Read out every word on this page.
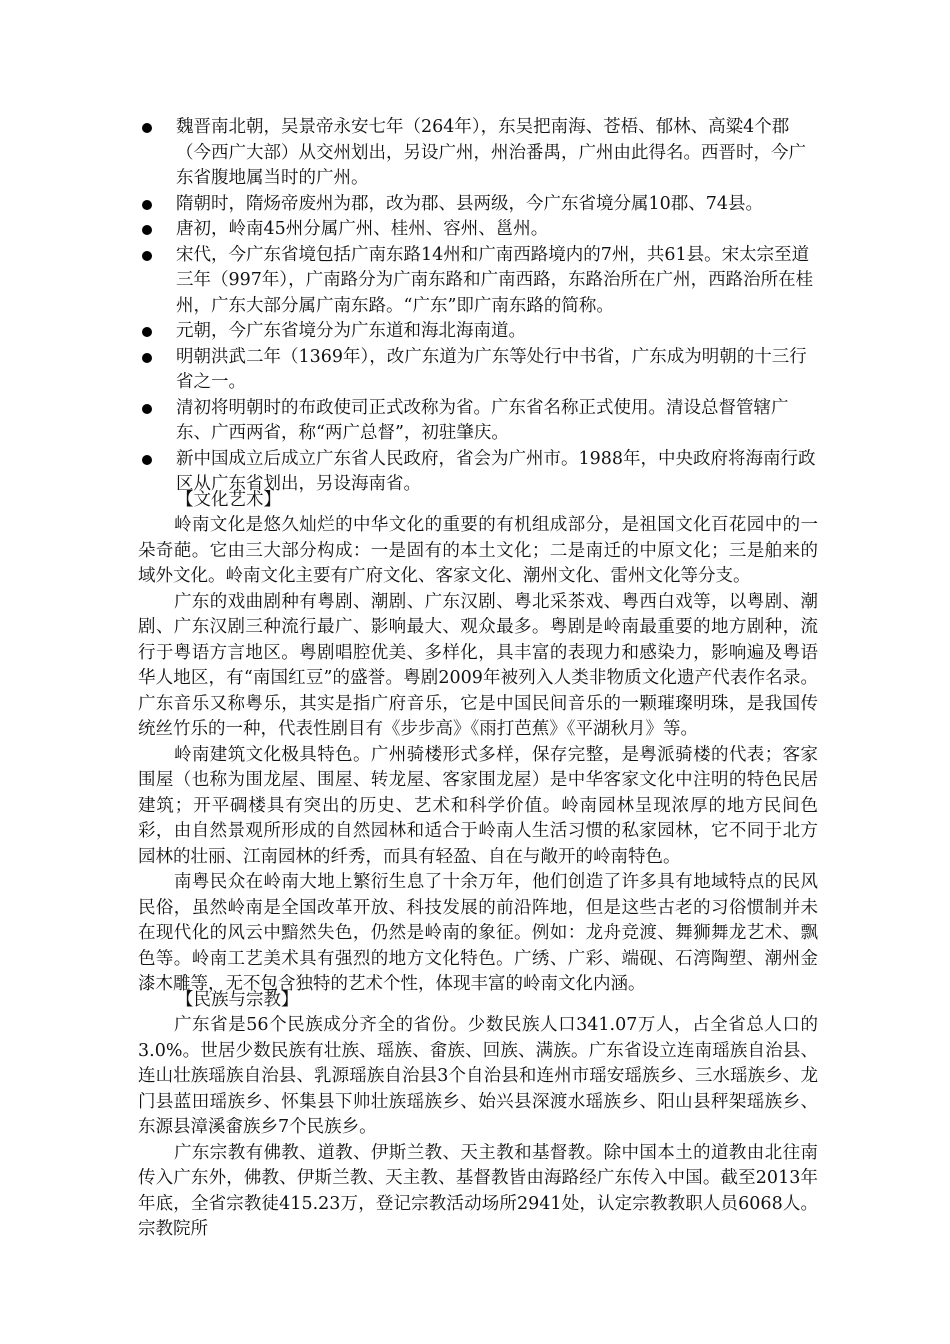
魏晋南北朝，吴景帝永安七年（264年），东吴把南海、苍梧、郁林、高粱4个郡（今西广大部）从交州划出，另设广州，州治番禺，广州由此得名。西晋时，今广东省腹地属当时的广州。
隋朝时，隋炀帝废州为郡，改为郡、县两级，今广东省境分属10郡、74县。
唐初，岭南45州分属广州、桂州、容州、邕州。
宋代，今广东省境包括广南东路14州和广南西路境内的7州，共61县。宋太宗至道三年（997年），广南路分为广南东路和广南西路，东路治所在广州，西路治所在桂州，广东大部分属广南东路。“广东”即广南东路的简称。
元朝，今广东省境分为广东道和海北海南道。
明朝洪武二年（1369年），改广东道为广东等处行中书省，广东成为明朝的十三行省之一。
清初将明朝时的布政使司正式改称为省。广东省名称正式使用。清设总督管辖广东、广西两省，称“两广总督”，初驻肇庆。
新中国成立后成立广东省人民政府，省会为广州市。1988年，中央政府将海南行政区从广东省划出，另设海南省。

【文化艺术】

岭南文化是悠久灿烂的中华文化的重要的有机组成部分，是祖国文化百花园中的一朵奇葩。它由三大部分构成：一是固有的本土文化；二是南迁的中原文化；三是舶来的域外文化。岭南文化主要有广府文化、客家文化、潮州文化、雷州文化等分支。

广东的戏曲剧种有粤剧、潮剧、广东汉剧、粤北采茶戏、粤西白戏等，以粤剧、潮剧、广东汉剧三种流行最广、影响最大、观众最多。粤剧是岭南最重要的地方剧种，流行于粤语方言地区。粤剧唱腔优美、多样化，具丰富的表现力和感染力，影响遍及粤语华人地区，有“南国红豆”的盛誉。粤剧2009年被列入人类非物质文化遗产代表作名录。广东音乐又称粤乐，其实是指广府音乐，它是中国民间音乐的一颗璀璨明珠，是我国传统丝竹乐的一种，代表性剧目有《步步高》《雨打芭蕉》《平湖秋月》等。

岭南建筑文化极具特色。广州骑楼形式多样，保存完整，是粤派骑楼的代表；客家围屋（也称为围龙屋、围屋、转龙屋、客家围龙屋）是中华客家文化中注明的特色民居建筑；开平碉楼具有突出的历史、艺术和科学价值。岭南园林呈现浓厚的地方民间色彩，由自然景观所形成的自然园林和适合于岭南人生活习惯的私家园林，它不同于北方园林的壮丽、江南园林的纤秀，而具有轻盈、自在与敞开的岭南特色。

南粤民众在岭南大地上繁衍生息了十余万年，他们创造了许多具有地域特点的民风民俗，虽然岭南是全国改革开放、科技发展的前沿阵地，但是这些古老的习俗惯制并未在现代化的风云中黯然失色，仍然是岭南的象征。例如：龙舟竞渡、舞狮舞龙艺术、飘色等。岭南工艺美术具有强烈的地方文化特色。广绣、广彩、端砚、石湾陶塑、潮州金漆木雕等，无不包含独特的艺术个性，体现丰富的岭南文化内涵。

【民族与宗教】

广东省是56个民族成分齐全的省份。少数民族人口341.07万人，占全省总人口的3.0%。世居少数民族有壮族、瑶族、畲族、回族、满族。广东省设立连南瑶族自治县、连山壮族瑶族自治县、乳源瑶族自治县3个自治县和连州市瑶安瑶族乡、三水瑶族乡、龙门县蓝田瑶族乡、怀集县下帅壮族瑶族乡、始兴县深渡水瑶族乡、阳山县秤架瑶族乡、东源县漳溪畲族乡7个民族乡。

广东宗教有佛教、道教、伊斯兰教、天主教和基督教。除中国本土的道教由北往南传入广东外，佛教、伊斯兰教、天主教、基督教皆由海路经广东传入中国。截至2013年年底，全省宗教徒415.23万，登记宗教活动场所2941处，认定宗教教职人员6068人。宗教院所
